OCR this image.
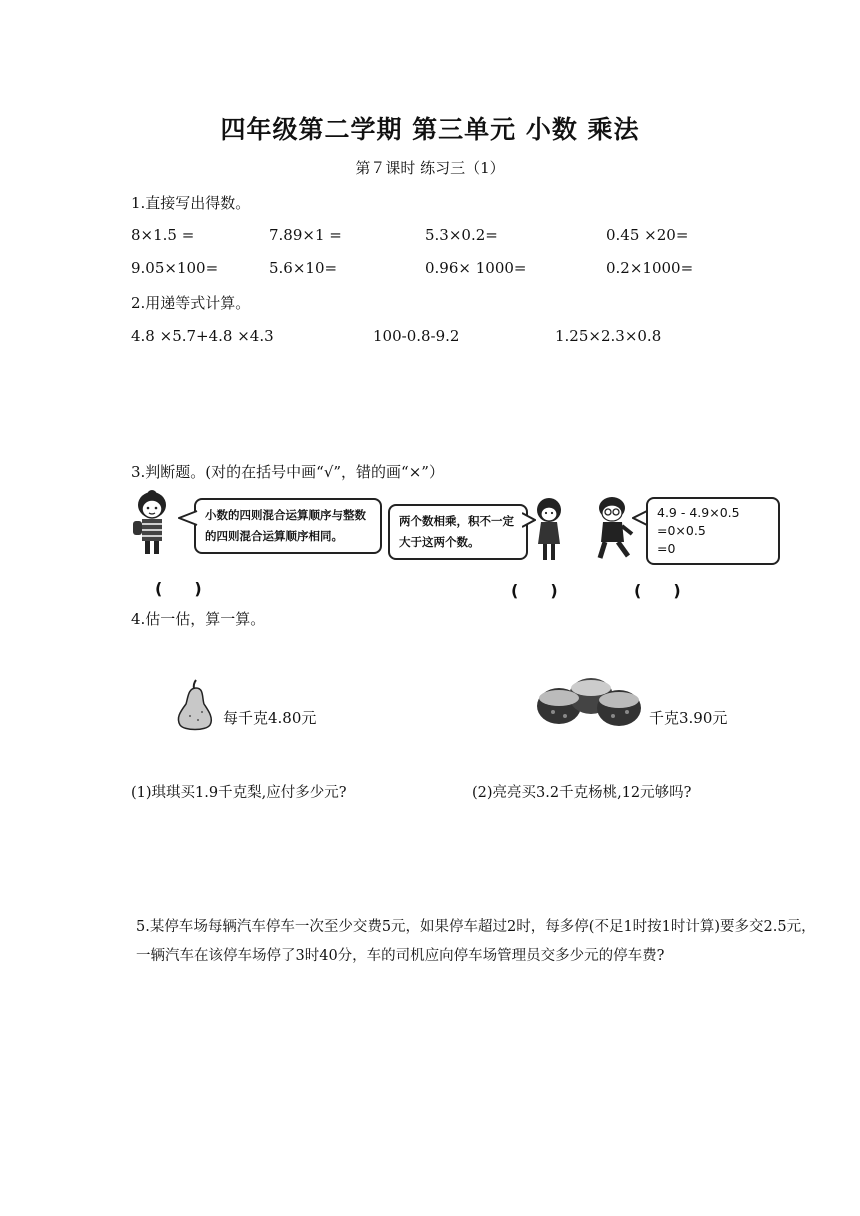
四年级第二学期 第三单元 小数 乘法
第７课时 练习三（1）
1.直接写出得数。
8×1.5 =	7.89×1 =	5.3×0.2=	0.45 ×20=
9.05×100=	5.6×10=	0.96× 1000=	0.2×1000=
2.用递等式计算。
4.8 ×5.7+4.8 ×4.3	100-0.8-9.2	1.25×2.3×0.8
3.判断题。(对的在括号中画“√”，错的画“×”）
小数的四则混合运算顺序与整数的四则混合运算顺序相同。
两个数相乘，积不一定大于这两个数。
4.9 - 4.9×0.5
=0×0.5
=0
(　　)	(　　)	(　　)
4.估一估，算一算。
每千克4.80元	千克3.90元
(1)琪琪买1.9千克梨,应付多少元?	(2)亮亮买3.2千克杨桃,12元够吗?
5.某停车场每辆汽车停车一次至少交费5元，如果停车超过2时，每多停(不足1时按1时计算)要多交2.5元，一辆汽车在该停车场停了3时40分，车的司机应向停车场管理员交多少元的停车费?
